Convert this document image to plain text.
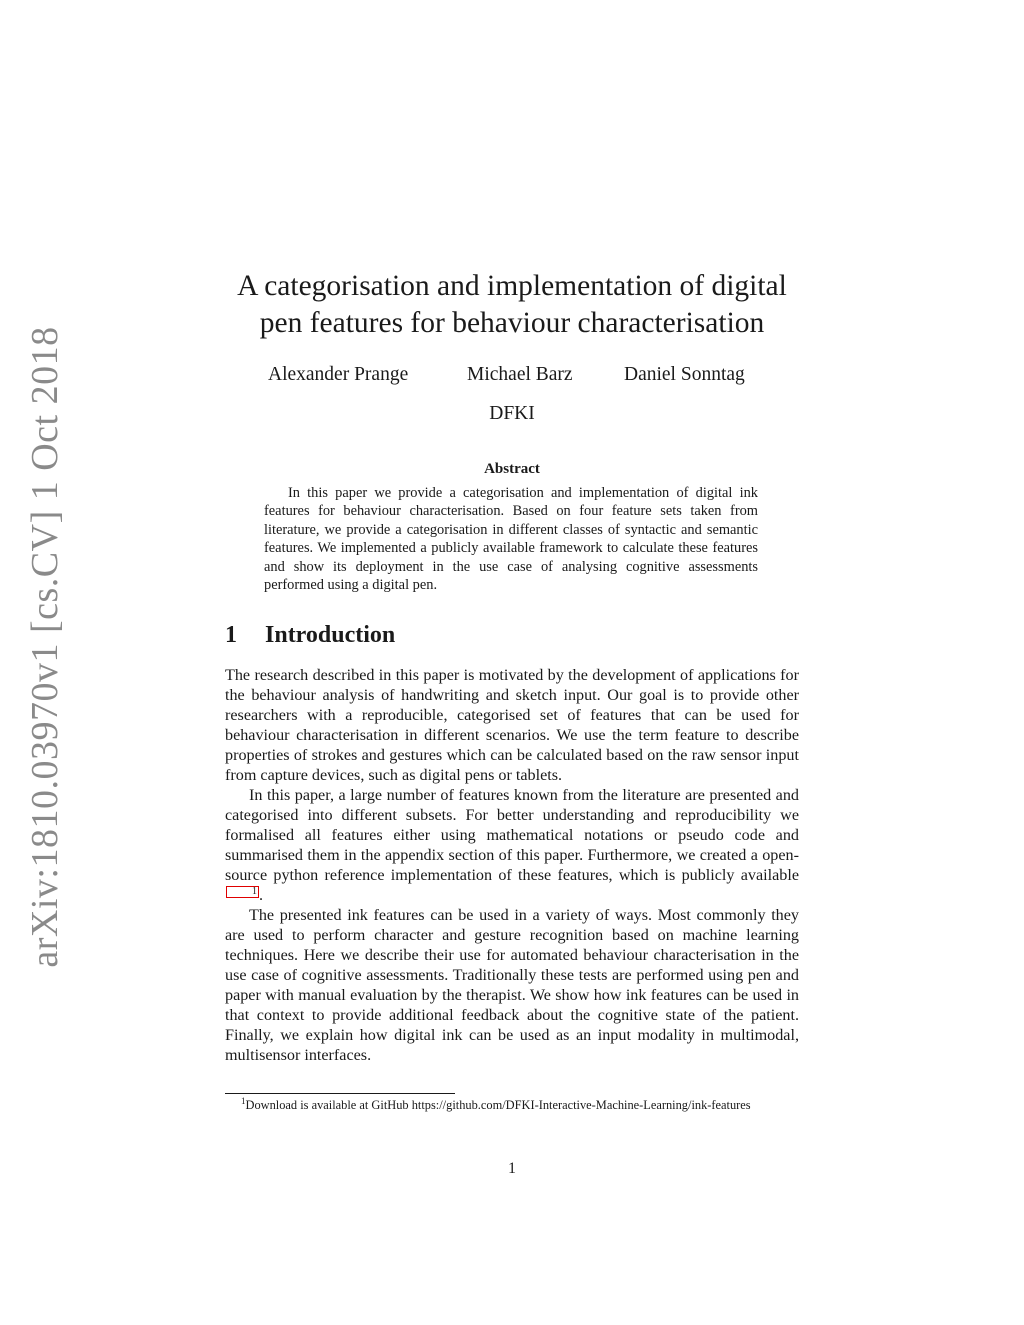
arXiv:1810.03970v1 [cs.CV] 1 Oct 2018
A categorisation and implementation of digital
pen features for behaviour characterisation
Alexander Prange	Michael Barz	Daniel Sonntag
DFKI
Abstract

In this paper we provide a categorisation and implementation of digital ink features for behaviour characterisation. Based on four feature sets taken from literature, we provide a categorisation in different classes of syntactic and semantic features. We implemented a publicly available framework to calculate these features and show its deployment in the use case of analysing cognitive assessments performed using a digital pen.

1 Introduction

The research described in this paper is motivated by the development of applications for the behaviour analysis of handwriting and sketch input. Our goal is to provide other researchers with a reproducible, categorised set of features that can be used for behaviour characterisation in different scenarios. We use the term feature to describe properties of strokes and gestures which can be calculated based on the raw sensor input from capture devices, such as digital pens or tablets.

In this paper, a large number of features known from the literature are presented and categorised into different subsets. For better understanding and reproducibility we formalised all features either using mathematical notations or pseudo code and summarised them in the appendix section of this paper. Furthermore, we created a open-source python reference implementation of these features, which is publicly available1 .

The presented ink features can be used in a variety of ways. Most commonly they are used to perform character and gesture recognition based on machine learning techniques. Here we describe their use for automated behaviour characterisation in the use case of cognitive assessments. Traditionally these tests are performed using pen and paper with manual evaluation by the therapist. We show how ink features can be used in that context to provide additional feedback about the cognitive state of the patient. Finally, we explain how digital ink can be used as an input modality in multimodal, multisensor interfaces.

$^1$Download is available at GitHub https://github.com/DFKI-Interactive-Machine-Learning/ink-features

1
